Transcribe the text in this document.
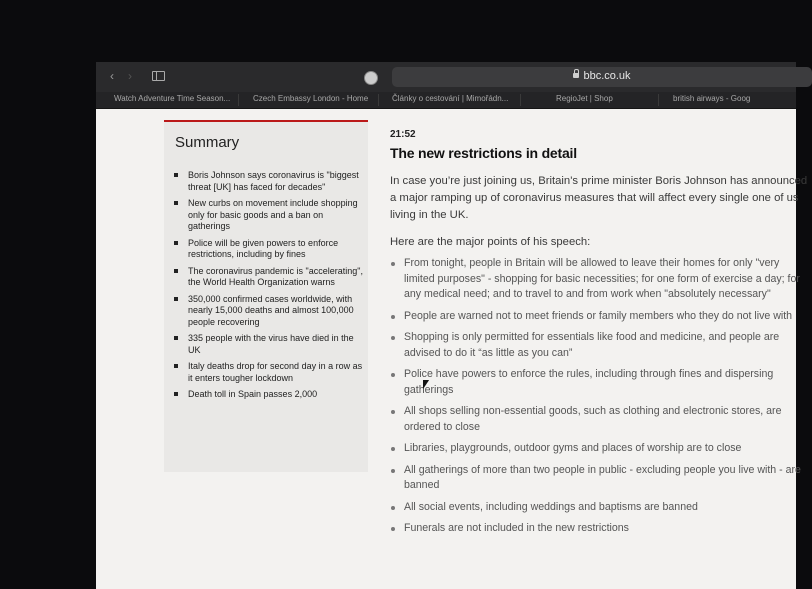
‹	›	bbc.co.uk
Watch Adventure Time Season...	Czech Embassy London - Home	Články o cestování | Mimořádn...	RegioJet | Shop	british airways - Goog
Summary
Boris Johnson says coronavirus is "biggest threat [UK] has faced for decades"
New curbs on movement include shopping only for basic goods and a ban on gatherings
Police will be given powers to enforce restrictions, including by fines
The coronavirus pandemic is "accelerating", the World Health Organization warns
350,000 confirmed cases worldwide, with nearly 15,000 deaths and almost 100,000 people recovering
335 people with the virus have died in the UK
Italy deaths drop for second day in a row as it enters tougher lockdown
Death toll in Spain passes 2,000
21:52
The new restrictions in detail
In case you’re just joining us, Britain's prime minister Boris Johnson has announced a major ramping up of coronavirus measures that will affect every single one of us living in the UK.
Here are the major points of his speech:
From tonight, people in Britain will be allowed to leave their homes for only "very limited purposes" - shopping for basic necessities; for one form of exercise a day; for any medical need; and to travel to and from work when "absolutely necessary"
People are warned not to meet friends or family members who they do not live with
Shopping is only permitted for essentials like food and medicine, and people are advised to do it “as little as you can”
Police have powers to enforce the rules, including through fines and dispersing gatherings
All shops selling non-essential goods, such as clothing and electronic stores, are ordered to close
Libraries, playgrounds, outdoor gyms and places of worship are to close
All gatherings of more than two people in public - excluding people you live with - are banned
All social events, including weddings and baptisms are banned
Funerals are not included in the new restrictions
